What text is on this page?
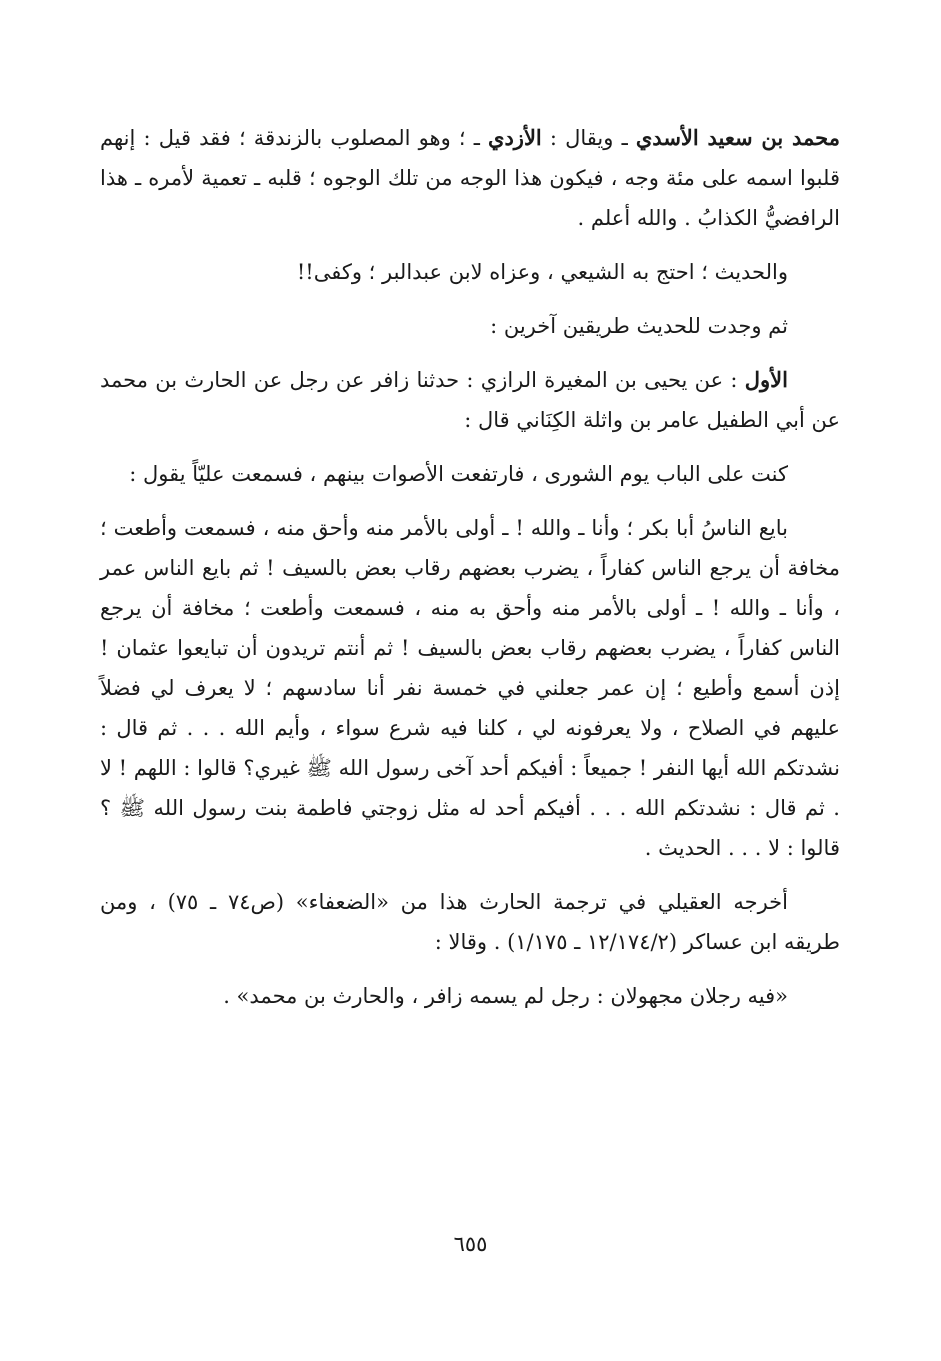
محمد بن سعيد الأسدي ـ ويقال : الأزدي ـ ؛ وهو المصلوب بالزندقة ؛ فقد قيل : إنهم قلبوا اسمه على مئة وجه ، فيكون هذا الوجه من تلك الوجوه ؛ قلبه ـ تعمية لأمره ـ هذا الرافضيُّ الكذابُ . والله أعلم .

والحديث ؛ احتج به الشيعي ، وعزاه لابن عبدالبر ؛ وكفى!!

ثم وجدت للحديث طريقين آخرين :

الأول : عن يحيى بن المغيرة الرازي : حدثنا زافر عن رجل عن الحارث بن محمد عن أبي الطفيل عامر بن واثلة الكِنَاني قال :

كنت على الباب يوم الشورى ، فارتفعت الأصوات بينهم ، فسمعت عليّاً يقول :

بايع الناسُ أبا بكر ؛ وأنا ـ والله ! ـ أولى بالأمر منه وأحق منه ، فسمعت وأطعت ؛ مخافة أن يرجع الناس كفاراً ، يضرب بعضهم رقاب بعض بالسيف ! ثم بايع الناس عمر ، وأنا ـ والله ! ـ أولى بالأمر منه وأحق به منه ، فسمعت وأطعت ؛ مخافة أن يرجع الناس كفاراً ، يضرب بعضهم رقاب بعض بالسيف ! ثم أنتم تريدون أن تبايعوا عثمان ! إذن أسمع وأطيع ؛ إن عمر جعلني في خمسة نفر أنا سادسهم ؛ لا يعرف لي فضلاً عليهم في الصلاح ، ولا يعرفونه لي ، كلنا فيه شرع سواء ، وأيم الله . . . ثم قال : نشدتكم الله أيها النفر ! جميعاً : أفيكم أحد آخى رسول الله ﷺ غيري؟ قالوا : اللهم ! لا . ثم قال : نشدتكم الله . . . أفيكم أحد له مثل زوجتي فاطمة بنت رسول الله ﷺ ؟ قالوا : لا . . . الحديث .

أخرجه العقيلي في ترجمة الحارث هذا من «الضعفاء» (ص٧٤ ـ ٧٥) ، ومن طريقه ابن عساكر (١٢/١٧٤/٢ ـ ١/١٧٥) . وقالا :

«فيه رجلان مجهولان : رجل لم يسمه زافر ، والحارث بن محمد» .

٦٥٥
